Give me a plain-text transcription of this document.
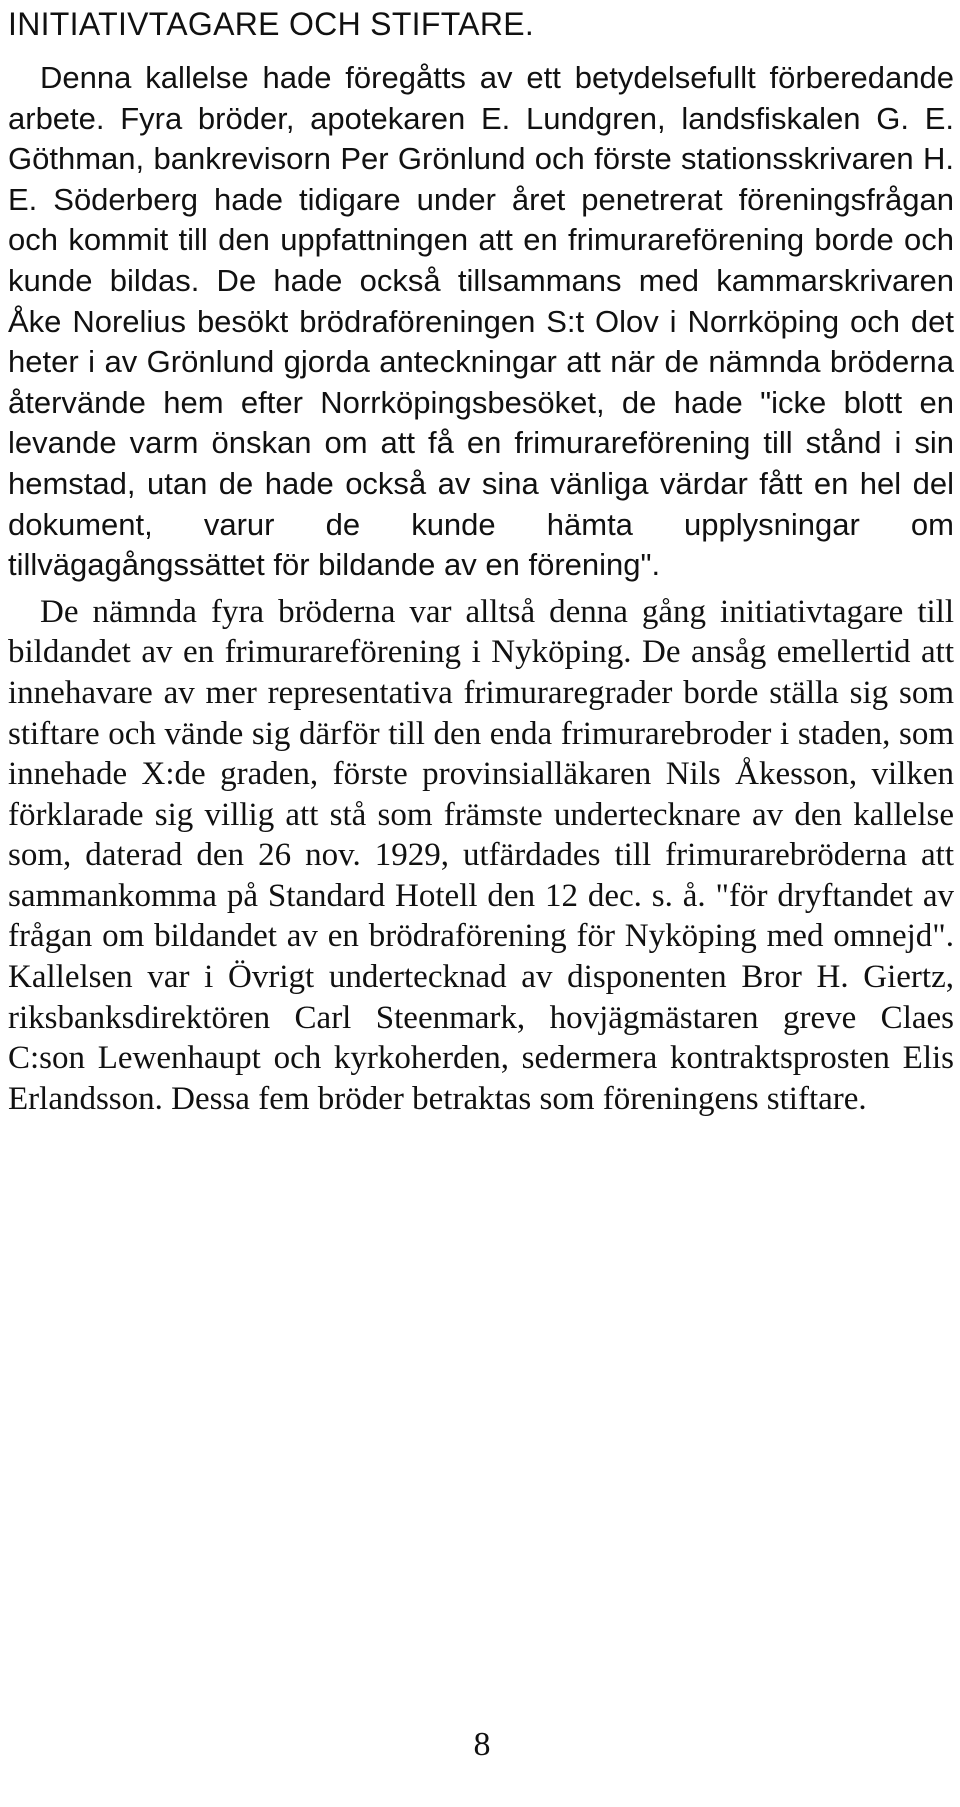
INITIATIVTAGARE OCH STIFTARE.

Denna kallelse hade föregåtts av ett betydelsefullt förberedande arbete. Fyra bröder, apotekaren E. Lundgren, landsfiskalen G. E. Göthman, bankrevisorn Per Grönlund och förste stationsskrivaren H. E. Söderberg hade tidigare under året penetrerat föreningsfrågan och kommit till den uppfattningen att en frimurareförening borde och kunde bildas. De hade också tillsammans med kammarskrivaren Åke Norelius besökt brödraföreningen S:t Olov i Norrköping och det heter i av Grönlund gjorda anteckningar att när de nämnda bröderna återvände hem efter Norrköpingsbesöket, de hade "icke blott en levande varm önskan om att få en frimurareförening till stånd i sin hemstad, utan de hade också av sina vänliga värdar fått en hel del dokument, varur de kunde hämta upplysningar om tillvägagångssättet för bildande av en förening".

De nämnda fyra bröderna var alltså denna gång initiativtagare till bildandet av en frimurareförening i Nyköping. De ansåg emellertid att innehavare av mer representativa frimuraregrader borde ställa sig som stiftare och vände sig därför till den enda frimurarebroder i staden, som innehade X:de graden, förste provinsialläkaren Nils Åkesson, vilken förklarade sig villig att stå som främste undertecknare av den kallelse som, daterad den 26 nov. 1929, utfärdades till frimurarebröderna att sammankomma på Standard Hotell den 12 dec. s. å. "för dryftandet av frågan om bildandet av en brödraförening för Nyköping med omnejd". Kallelsen var i Övrigt undertecknad av disponenten Bror H. Giertz, riksbanksdirektören Carl Steenmark, hovjägmästaren greve Claes C:son Lewenhaupt och kyrkoherden, sedermera kontraktsprosten Elis Erlandsson. Dessa fem bröder betraktas som föreningens stiftare.

8
